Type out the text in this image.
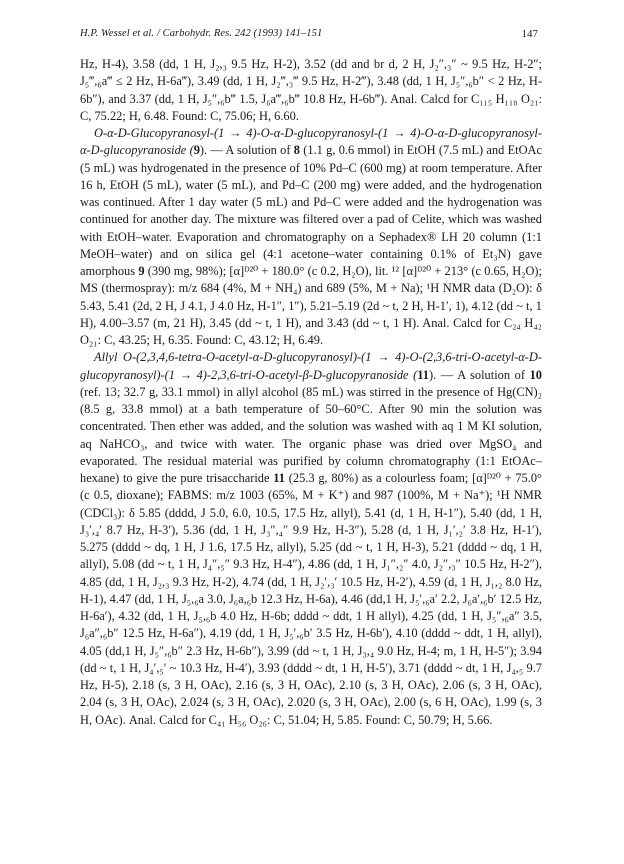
H.P. Wessel et al. / Carbohydr. Res. 242 (1993) 141–151	147

Hz, H-4), 3.58 (dd, 1 H, J₂,₃ 9.5 Hz, H-2), 3.52 (dd and br d, 2 H, J₂″,₃″ ~ 9.5 Hz, H-2″; J₅‴,₆a‴ ≤ 2 Hz, H-6a‴), 3.49 (dd, 1 H, J₂‴,₃‴ 9.5 Hz, H-2‴), 3.48 (dd, 1 H, J₅″,₆b″ < 2 Hz, H-6b″), and 3.37 (dd, 1 H, J₅″,₆b‴ 1.5, J₆a‴,₆b‴ 10.8 Hz, H-6b‴). Anal. Calcd for C₁₁₅ H₁₁₈ O₂₁: C, 75.22; H, 6.48. Found: C, 75.06; H, 6.60.

O-α-D-Glucopyranosyl-(1 → 4)-O-α-D-glucopyranosyl-(1 → 4)-O-α-D-glucopyranosyl-α-D-glucopyranoside (9). — A solution of 8 (1.1 g, 0.6 mmol) in EtOH (7.5 mL) and EtOAc (5 mL) was hydrogenated in the presence of 10% Pd–C (600 mg) at room temperature. After 16 h, EtOH (5 mL), water (5 mL), and Pd–C (200 mg) were added, and the hydrogenation was continued. After 1 day water (5 mL) and Pd–C were added and the hydrogenation was continued for another day. The mixture was filtered over a pad of Celite, which was washed with EtOH–water. Evaporation and chromatography on a Sephadex® LH 20 column (1:1 MeOH–water) and on silica gel (4:1 acetone–water containing 0.1% of Et₃N) gave amorphous 9 (390 mg, 98%); [α]ᴰ²⁰ + 180.0° (c 0.2, H₂O), lit. ¹² [α]ᴰ²⁰ + 213° (c 0.65, H₂O); MS (thermospray): m/z 684 (4%, M + NH₄) and 689 (5%, M + Na); ¹H NMR data (D₂O): δ 5.43, 5.41 (2d, 2 H, J 4.1, J 4.0 Hz, H-1″, 1″), 5.21–5.19 (2d ~ t, 2 H, H-1′, 1), 4.12 (dd ~ t, 1 H), 4.00–3.57 (m, 21 H), 3.45 (dd ~ t, 1 H), and 3.43 (dd ~ t, 1 H). Anal. Calcd for C₂₄ H₄₂ O₂₁: C, 43.25; H, 6.35. Found: C, 43.12; H, 6.49.

Allyl O-(2,3,4,6-tetra-O-acetyl-α-D-glucopyranosyl)-(1 → 4)-O-(2,3,6-tri-O-acetyl-α-D-glucopyranosyl)-(1 → 4)-2,3,6-tri-O-acetyl-β-D-glucopyranoside (11). — A solution of 10 (ref. 13; 32.7 g, 33.1 mmol) in allyl alcohol (85 mL) was stirred in the presence of Hg(CN)₂ (8.5 g, 33.8 mmol) at a bath temperature of 50–60°C. After 90 min the solution was concentrated. Then ether was added, and the solution was washed with aq 1 M KI solution, aq NaHCO₃, and twice with water. The organic phase was dried over MgSO₄ and evaporated. The residual material was purified by column chromatography (1:1 EtOAc–hexane) to give the pure trisaccharide 11 (25.3 g, 80%) as a colourless foam; [α]ᴰ²⁰ + 75.0° (c 0.5, dioxane); FABMS: m/z 1003 (65%, M + K⁺) and 987 (100%, M + Na⁺); ¹H NMR (CDCl₃): δ 5.85 (dddd, J 5.0, 6.0, 10.5, 17.5 Hz, allyl), 5.41 (d, 1 H, H-1″), 5.40 (dd, 1 H, J₃′,₄′ 8.7 Hz, H-3′), 5.36 (dd, 1 H, J₃″,₄″ 9.9 Hz, H-3″), 5.28 (d, 1 H, J₁′,₂′ 3.8 Hz, H-1′), 5.275 (dddd ~ dq, 1 H, J 1.6, 17.5 Hz, allyl), 5.25 (dd ~ t, 1 H, H-3), 5.21 (dddd ~ dq, 1 H, allyl), 5.08 (dd ~ t, 1 H, J₄″,₅″ 9.3 Hz, H-4″), 4.86 (dd, 1 H, J₁″,₂″ 4.0, J₂″,₃″ 10.5 Hz, H-2″), 4.85 (dd, 1 H, J₂,₃ 9.3 Hz, H-2), 4.74 (dd, 1 H, J₂′,₃′ 10.5 Hz, H-2′), 4.59 (d, 1 H, J₁,₂ 8.0 Hz, H-1), 4.47 (dd, 1 H, J₅,₆a 3.0, J₆a,₆b 12.3 Hz, H-6a), 4.46 (dd,1 H, J₅′,₆a′ 2.2, J₆a′,₆b′ 12.5 Hz, H-6a′), 4.32 (dd, 1 H, J₅,₆b 4.0 Hz, H-6b; dddd ~ ddt, 1 H allyl), 4.25 (dd, 1 H, J₅″,₆a″ 3.5, J₆a″,₆b″ 12.5 Hz, H-6a″), 4.19 (dd, 1 H, J₅′,₆b′ 3.5 Hz, H-6b′), 4.10 (dddd ~ ddt, 1 H, allyl), 4.05 (dd,1 H, J₅″,₆b″ 2.3 Hz, H-6b″), 3.99 (dd ~ t, 1 H, J₃,₄ 9.0 Hz, H-4; m, 1 H, H-5″); 3.94 (dd ~ t, 1 H, J₄′,₅′ ~ 10.3 Hz, H-4′), 3.93 (dddd ~ dt, 1 H, H-5′), 3.71 (dddd ~ dt, 1 H, J₄,₅ 9.7 Hz, H-5), 2.18 (s, 3 H, OAc), 2.16 (s, 3 H, OAc), 2.10 (s, 3 H, OAc), 2.06 (s, 3 H, OAc), 2.04 (s, 3 H, OAc), 2.024 (s, 3 H, OAc), 2.020 (s, 3 H, OAc), 2.00 (s, 6 H, OAc), 1.99 (s, 3 H, OAc). Anal. Calcd for C₄₁ H₅₆ O₂₆: C, 51.04; H, 5.85. Found: C, 50.79; H, 5.66.
